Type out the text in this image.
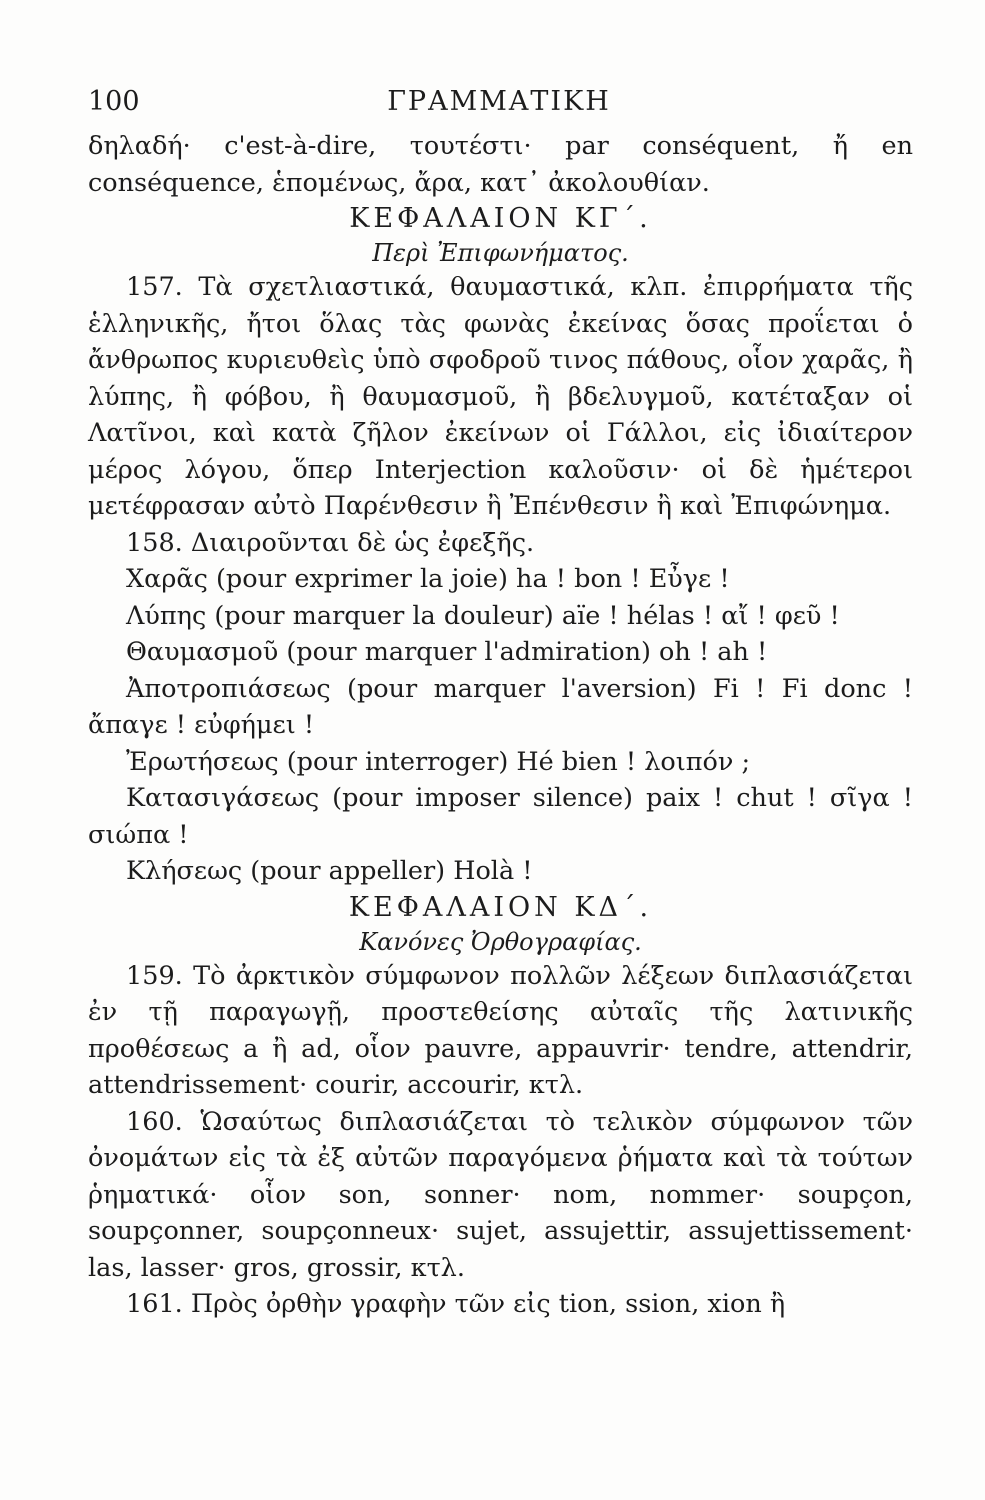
100	ΓΡΑΜΜΑΤΙΚΗ

δηλαδή· c'est-à-dire, τουτέστι· par conséquent, ἤ en conséquence, ἑπομένως, ἄρα, κατ᾽ ἀκολουθίαν.

ΚΕΦΑΛΑΙΟΝ ΚΓ΄.

Περὶ Ἐπιφωνήματος.

157. Τὰ σχετλιαστικά, θαυμαστικά, κλπ. ἐπιρρήματα τῆς ἑλληνικῆς, ἤτοι ὅλας τὰς φωνὰς ἐκείνας ὅσας προΐεται ὁ ἄνθρωπος κυριευθεὶς ὑπὸ σφοδροῦ τινος πάθους, οἷον χαρᾶς, ἢ λύπης, ἢ φόβου, ἢ θαυμασμοῦ, ἢ βδελυγμοῦ, κατέταξαν οἱ Λατῖνοι, καὶ κατὰ ζῆλον ἐκείνων οἱ Γάλλοι, εἰς ἰδιαίτερον μέρος λόγου, ὅπερ Interjection καλοῦσιν· οἱ δὲ ἡμέτεροι μετέφρασαν αὐτὸ Παρένθεσιν ἢ Ἐπένθεσιν ἢ καὶ Ἐπιφώνημα.

158. Διαιροῦνται δὲ ὡς ἐφεξῆς.

Χαρᾶς (pour exprimer la joie) ha ! bon ! Εὖγε !

Λύπης (pour marquer la douleur) aïe ! hélas ! αἴ ! φεῦ !

Θαυμασμοῦ (pour marquer l'admiration) oh ! ah !

Ἀποτροπιάσεως (pour marquer l'aversion) Fi ! Fi donc ! ἄπαγε ! εὐφήμει !

Ἐρωτήσεως (pour interroger) Hé bien ! λοιπόν ;

Κατασιγάσεως (pour imposer silence) paix ! chut ! σῖγα ! σιώπα !

Κλήσεως (pour appeller) Holà !

ΚΕΦΑΛΑΙΟΝ ΚΔ΄.

Κανόνες Ὀρθογραφίας.

159. Τὸ ἀρκτικὸν σύμφωνον πολλῶν λέξεων διπλασιάζεται ἐν τῇ παραγωγῇ, προστεθείσης αὐταῖς τῆς λατινικῆς προθέσεως a ἢ ad, οἷον pauvre, appauvrir· tendre, attendrir, attendrissement· courir, accourir, κτλ.

160. Ὡσαύτως διπλασιάζεται τὸ τελικὸν σύμφωνον τῶν ὀνομάτων εἰς τὰ ἐξ αὐτῶν παραγόμενα ῥήματα καὶ τὰ τούτων ῥηματικά· οἷον son, sonner· nom, nommer· soupçon, soupçonner, soupçonneux· sujet, assujettir, assujettissement· las, lasser· gros, grossir, κτλ.

161. Πρὸς ὀρθὴν γραφὴν τῶν εἰς tion, ssion, xion ἢ
